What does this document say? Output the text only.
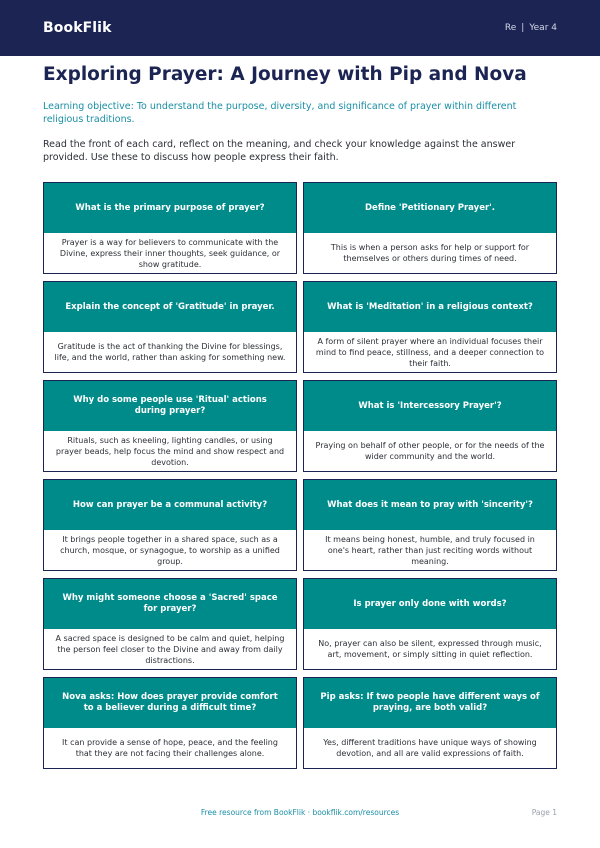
BookFlik	Re | Year 4
Exploring Prayer: A Journey with Pip and Nova

Learning objective: To understand the purpose, diversity, and significance of prayer within different religious traditions.

Read the front of each card, reflect on the meaning, and check your knowledge against the answer provided. Use these to discuss how people express their faith.

What is the primary purpose of prayer?
Prayer is a way for believers to communicate with the Divine, express their inner thoughts, seek guidance, or show gratitude.
Define 'Petitionary Prayer'.
This is when a person asks for help or support for themselves or others during times of need.
Explain the concept of 'Gratitude' in prayer.
Gratitude is the act of thanking the Divine for blessings, life, and the world, rather than asking for something new.
What is 'Meditation' in a religious context?
A form of silent prayer where an individual focuses their mind to find peace, stillness, and a deeper connection to their faith.
Why do some people use 'Ritual' actions during prayer?
Rituals, such as kneeling, lighting candles, or using prayer beads, help focus the mind and show respect and devotion.
What is 'Intercessory Prayer'?
Praying on behalf of other people, or for the needs of the wider community and the world.
How can prayer be a communal activity?
It brings people together in a shared space, such as a church, mosque, or synagogue, to worship as a unified group.
What does it mean to pray with 'sincerity'?
It means being honest, humble, and truly focused in one's heart, rather than just reciting words without meaning.
Why might someone choose a 'Sacred' space for prayer?
A sacred space is designed to be calm and quiet, helping the person feel closer to the Divine and away from daily distractions.
Is prayer only done with words?
No, prayer can also be silent, expressed through music, art, movement, or simply sitting in quiet reflection.
Nova asks: How does prayer provide comfort to a believer during a difficult time?
It can provide a sense of hope, peace, and the feeling that they are not facing their challenges alone.
Pip asks: If two people have different ways of praying, are both valid?
Yes, different traditions have unique ways of showing devotion, and all are valid expressions of faith.
Free resource from BookFlik · bookflik.com/resources	Page 1
